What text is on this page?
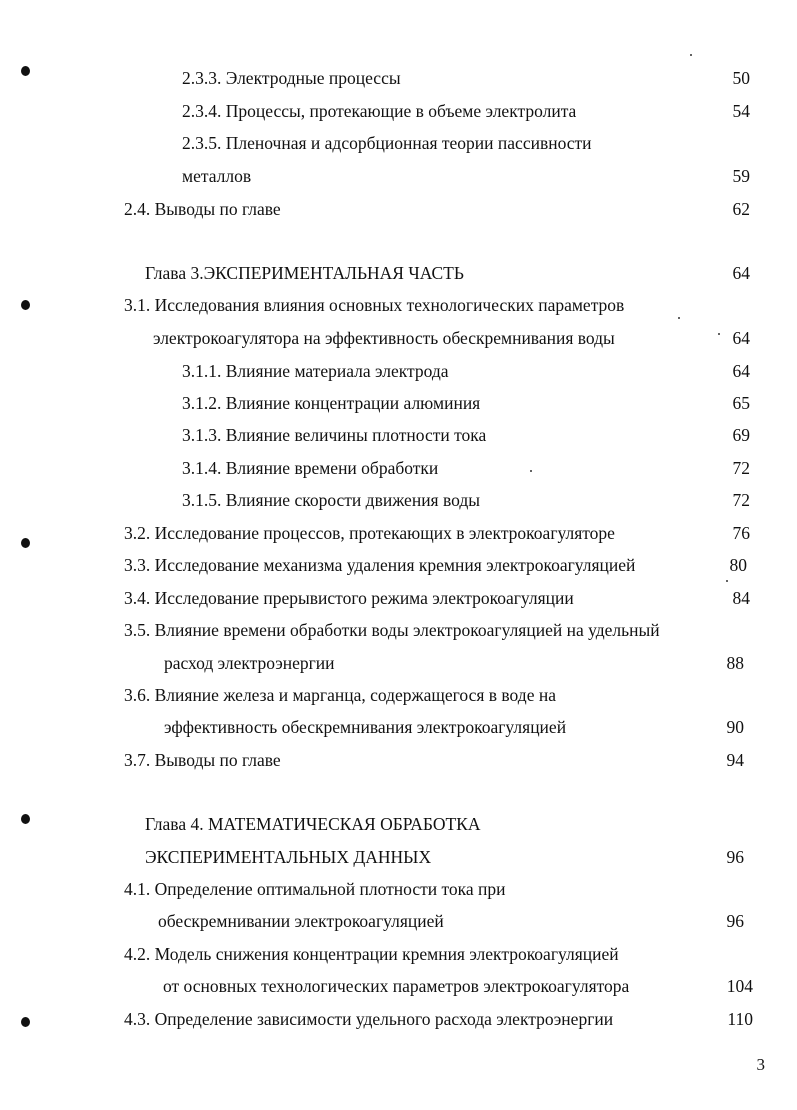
2.3.3. Электродные процессы	50
2.3.4. Процессы, протекающие в объеме электролита	54
2.3.5. Пленочная и адсорбционная теории пассивности
металлов	59
2.4. Выводы по главе	62
Глава 3.ЭКСПЕРИМЕНТАЛЬНАЯ ЧАСТЬ	64
3.1. Исследования влияния основных технологических параметров
электрокоагулятора на эффективность обескремнивания воды	64
3.1.1. Влияние материала электрода	64
3.1.2. Влияние концентрации алюминия	65
3.1.3. Влияние величины плотности тока	69
3.1.4. Влияние времени обработки	72
3.1.5. Влияние скорости движения воды	72
3.2. Исследование процессов, протекающих в электрокоагуляторе	76
3.3. Исследование механизма удаления кремния электрокоагуляцией	80
3.4. Исследование прерывистого режима электрокоагуляции	84
3.5. Влияние времени обработки воды электрокоагуляцией на удельный
расход электроэнергии	88
3.6. Влияние железа и марганца, содержащегося в воде на
эффективность обескремнивания электрокоагуляцией	90
3.7. Выводы по главе	94
Глава 4. МАТЕМАТИЧЕСКАЯ ОБРАБОТКА
ЭКСПЕРИМЕНТАЛЬНЫХ ДАННЫХ	96
4.1. Определение оптимальной плотности тока при
обескремнивании электрокоагуляцией	96
4.2. Модель снижения концентрации кремния электрокоагуляцией
от основных технологических параметров электрокоагулятора	104
4.3. Определение зависимости удельного расхода электроэнергии	110
3
